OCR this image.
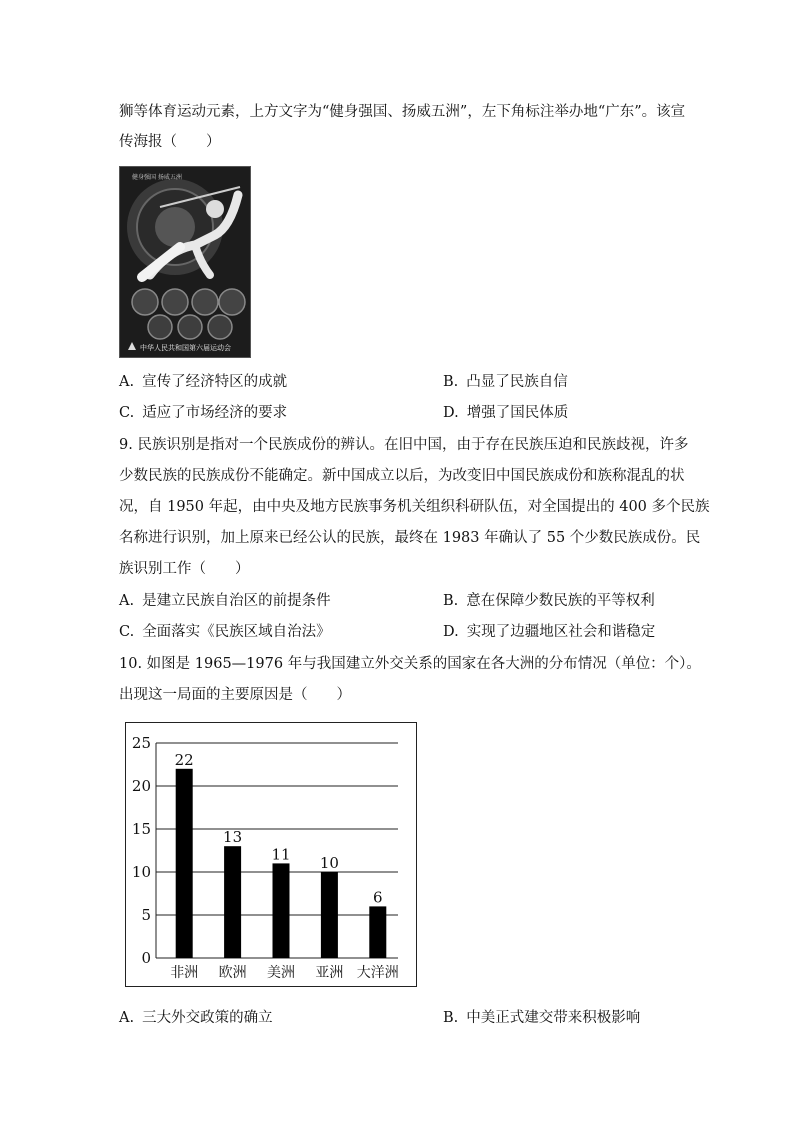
狮等体育运动元素，上方文字为“健身强国、扬威五洲”，左下角标注举办地“广东”。该宣
传海报（　　）
健身强国 扬威五洲
中华人民共和国第六届运动会
A. 宣传了经济特区的成就	B. 凸显了民族自信
C. 适应了市场经济的要求	D. 增强了国民体质
9. 民族识别是指对一个民族成份的辨认。在旧中国，由于存在民族压迫和民族歧视，许多
少数民族的民族成份不能确定。新中国成立以后，为改变旧中国民族成份和族称混乱的状
况，自 1950 年起，由中央及地方民族事务机关组织科研队伍，对全国提出的 400 多个民族
名称进行识别，加上原来已经公认的民族，最终在 1983 年确认了 55 个少数民族成份。民
族识别工作（　　）
A. 是建立民族自治区的前提条件	B. 意在保障少数民族的平等权利
C. 全面落实《民族区域自治法》	D. 实现了边疆地区社会和谐稳定
10. 如图是 1965—1976 年与我国建立外交关系的国家在各大洲的分布情况（单位：个）。
出现这一局面的主要原因是（　　）
0
5
10
15
20
25
22
非洲
13
欧洲
11
美洲
10
亚洲
6
大洋洲
A. 三大外交政策的确立	B. 中美正式建交带来积极影响
